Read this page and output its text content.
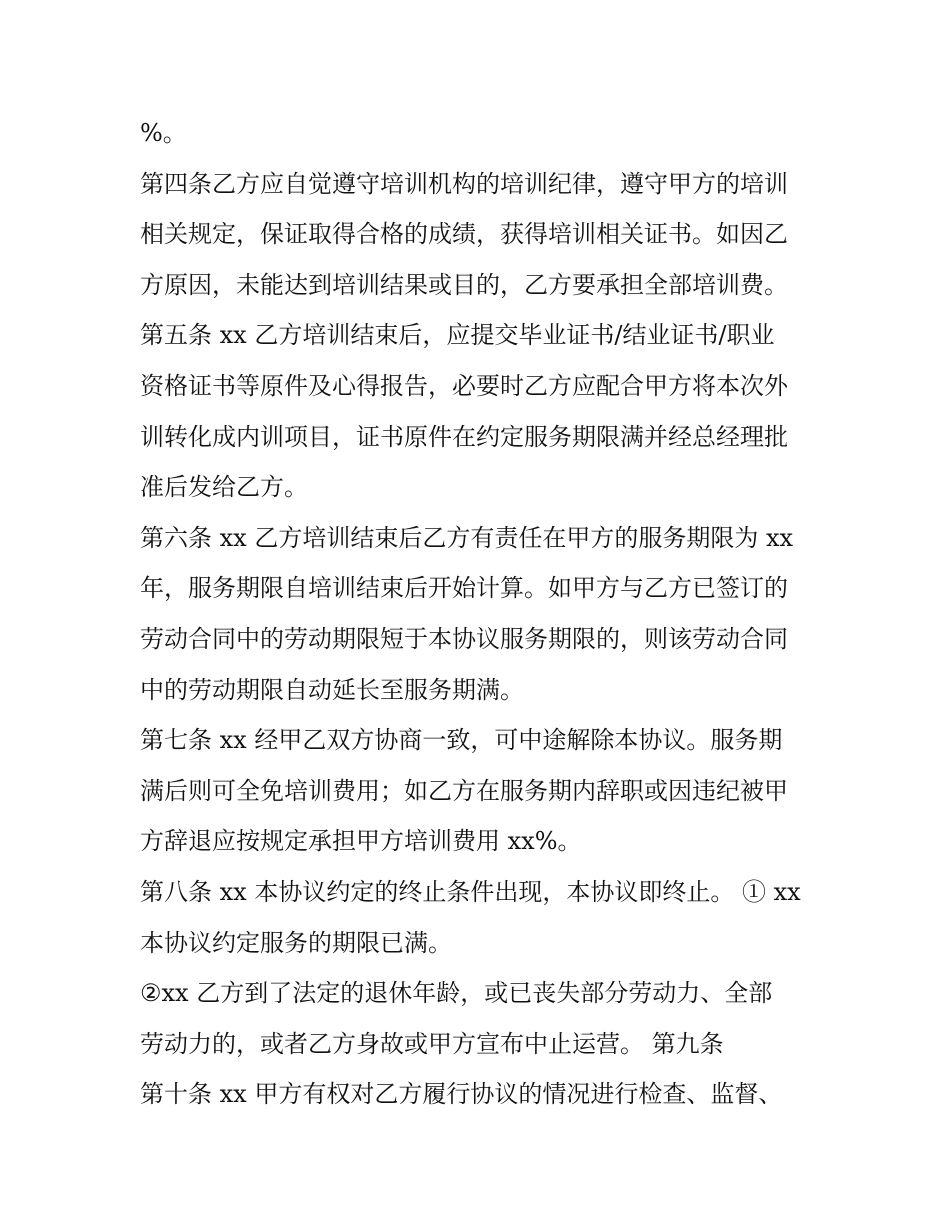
%。
第四条乙方应自觉遵守培训机构的培训纪律，遵守甲方的培训
相关规定，保证取得合格的成绩，获得培训相关证书。如因乙
方原因，未能达到培训结果或目的，乙方要承担全部培训费。
第五条 xx 乙方培训结束后，应提交毕业证书/结业证书/职业
资格证书等原件及心得报告，必要时乙方应配合甲方将本次外
训转化成内训项目，证书原件在约定服务期限满并经总经理批
准后发给乙方。
第六条 xx 乙方培训结束后乙方有责任在甲方的服务期限为 xx
年，服务期限自培训结束后开始计算。如甲方与乙方已签订的
劳动合同中的劳动期限短于本协议服务期限的，则该劳动合同
中的劳动期限自动延长至服务期满。
第七条 xx 经甲乙双方协商一致，可中途解除本协议。服务期
满后则可全免培训费用；如乙方在服务期内辞职或因违纪被甲
方辞退应按规定承担甲方培训费用 xx%。
第八条 xx 本协议约定的终止条件出现，本协议即终止。 ① xx
本协议约定服务的期限已满。
②xx 乙方到了法定的退休年龄，或已丧失部分劳动力、全部
劳动力的，或者乙方身故或甲方宣布中止运营。 第九条
第十条 xx 甲方有权对乙方履行协议的情况进行检查、监督、
